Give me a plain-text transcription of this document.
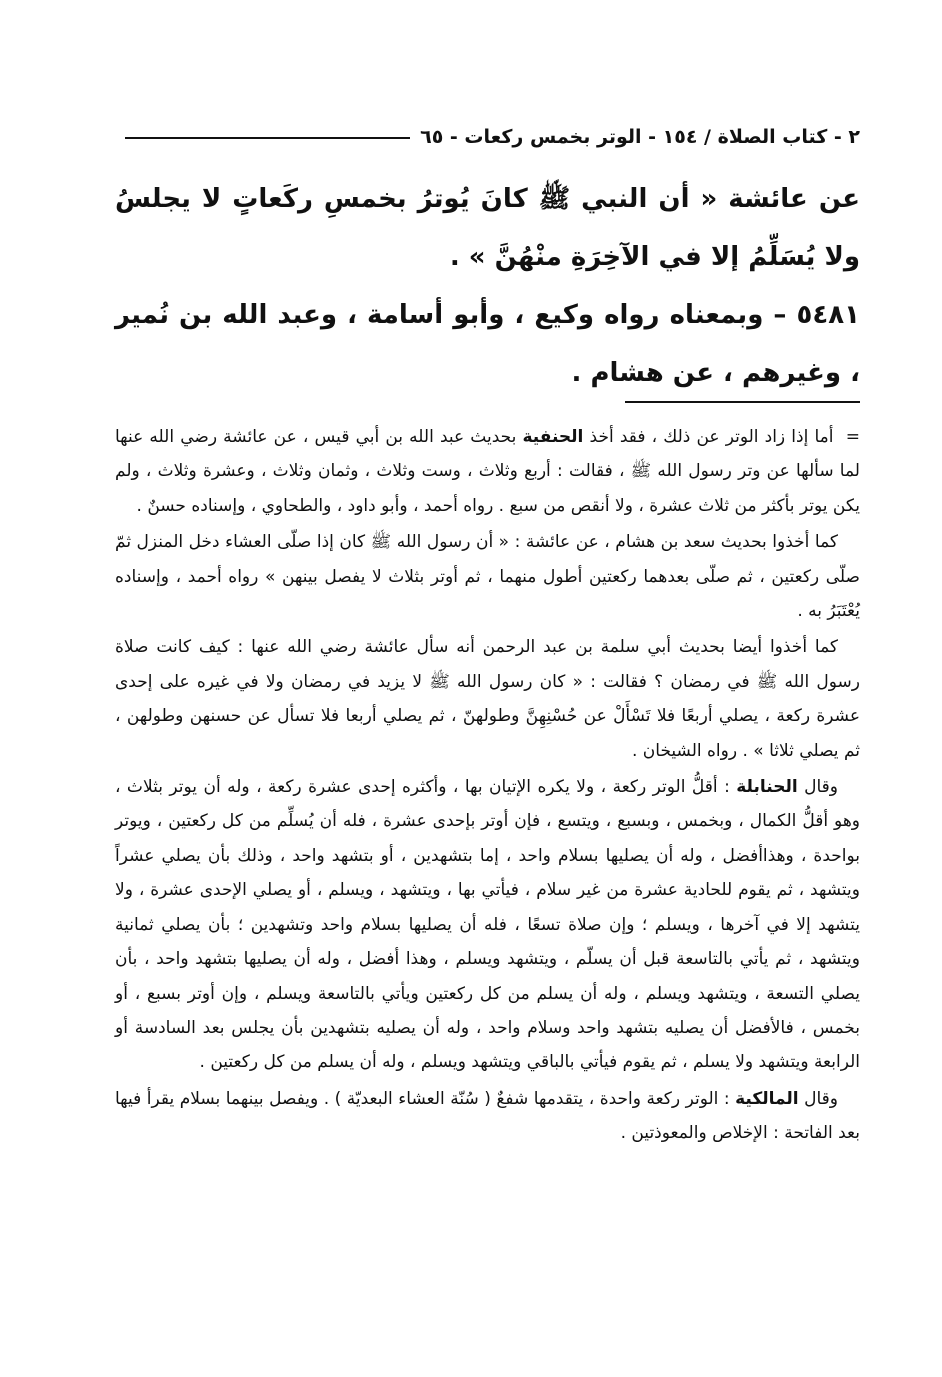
٢ - كتاب الصلاة / ١٥٤ - الوتر بخمس ركعات - ٦٥

عن عائشة « أن النبي ﷺ كانَ يُوترُ بخمسِ ركَعاتٍ لا يجلسُ ولا يُسَلِّمُ إلا في الآخِرَةِ منْهُنَّ » .

٥٤٨١ – وبمعناه رواه وكيع ، وأبو أسامة ، وعبد الله بن نُمير ، وغيرهم ، عن هشام .

=  أما إذا زاد الوتر عن ذلك ، فقد أخذ الحنفية بحديث عبد الله بن أبي قيس ، عن عائشة رضي الله عنها لما سألها عن وتر رسول الله ﷺ ، فقالت : أربع وثلاث ، وست وثلاث ، وثمان وثلاث ، وعشرة وثلاث ، ولم يكن يوتر بأكثر من ثلاث عشرة ، ولا أنقص من سبع . رواه أحمد ، وأبو داود ، والطحاوي ، وإسناده حسنٌ .

كما أخذوا بحديث سعد بن هشام ، عن عائشة : « أن رسول الله ﷺ كان إذا صلّى العشاء دخل المنزل ثمّ صلّى ركعتين ، ثم صلّى بعدهما ركعتين أطول منهما ، ثم أوتر بثلاث لا يفصل بينهن » رواه أحمد ، وإسناده يُعْتَبَرُ به .

كما أخذوا أيضا بحديث أبي سلمة بن عبد الرحمن أنه سأل عائشة رضي الله عنها : كيف كانت صلاة رسول الله ﷺ في رمضان ؟ فقالت : « كان رسول الله ﷺ لا يزيد في رمضان ولا في غيره على إحدى عشرة ركعة ، يصلي أربعًا فلا تَسْأَلْ عن حُسْنِهِنَّ وطولهنّ ، ثم يصلي أربعا فلا تسأل عن حسنهن وطولهن ، ثم يصلي ثلاثا » . رواه الشيخان .

وقال الحنابلة : أقلُّ الوتر ركعة ، ولا يكره الإتيان بها ، وأكثره إحدى عشرة ركعة ، وله أن يوتر بثلاث ، وهو أقلُّ الكمال ، وبخمس ، وبسبع ، ويتسع ، فإن أوتر بإحدى عشرة ، فله أن يُسلِّم من كل ركعتين ، ويوتر بواحدة ، وهذاأفضل ، وله أن يصليها بسلام واحد ، إما بتشهدين ، أو بتشهد واحد ، وذلك بأن يصلي عشراً ويتشهد ، ثم يقوم للحادية عشرة من غير سلام ، فيأتي بها ، ويتشهد ، ويسلم ، أو يصلي الإحدى عشرة ، ولا يتشهد إلا في آخرها ، ويسلم ؛ وإن صلاة تسعًا ، فله أن يصليها بسلام واحد وتشهدين ؛ بأن يصلي ثمانية ويتشهد ، ثم يأتي بالتاسعة قبل أن يسلّم ، ويتشهد ويسلم ، وهذا أفضل ، وله أن يصليها بتشهد واحد ، بأن يصلي التسعة ، ويتشهد ويسلم ، وله أن يسلم من كل ركعتين ويأتي بالتاسعة ويسلم ، وإن أوتر بسبع ، أو بخمس ، فالأفضل أن يصليه بتشهد واحد وسلام واحد ، وله أن يصليه بتشهدين بأن يجلس بعد السادسة أو الرابعة ويتشهد ولا يسلم ، ثم يقوم فيأتي بالباقي ويتشهد ويسلم ، وله أن يسلم من كل ركعتين .

وقال المالكية : الوتر ركعة واحدة ، يتقدمها شفعٌ ( سُنّة العشاء البعديّة ) . ويفصل بينهما بسلام يقرأ فيها بعد الفاتحة : الإخلاص والمعوذتين .
